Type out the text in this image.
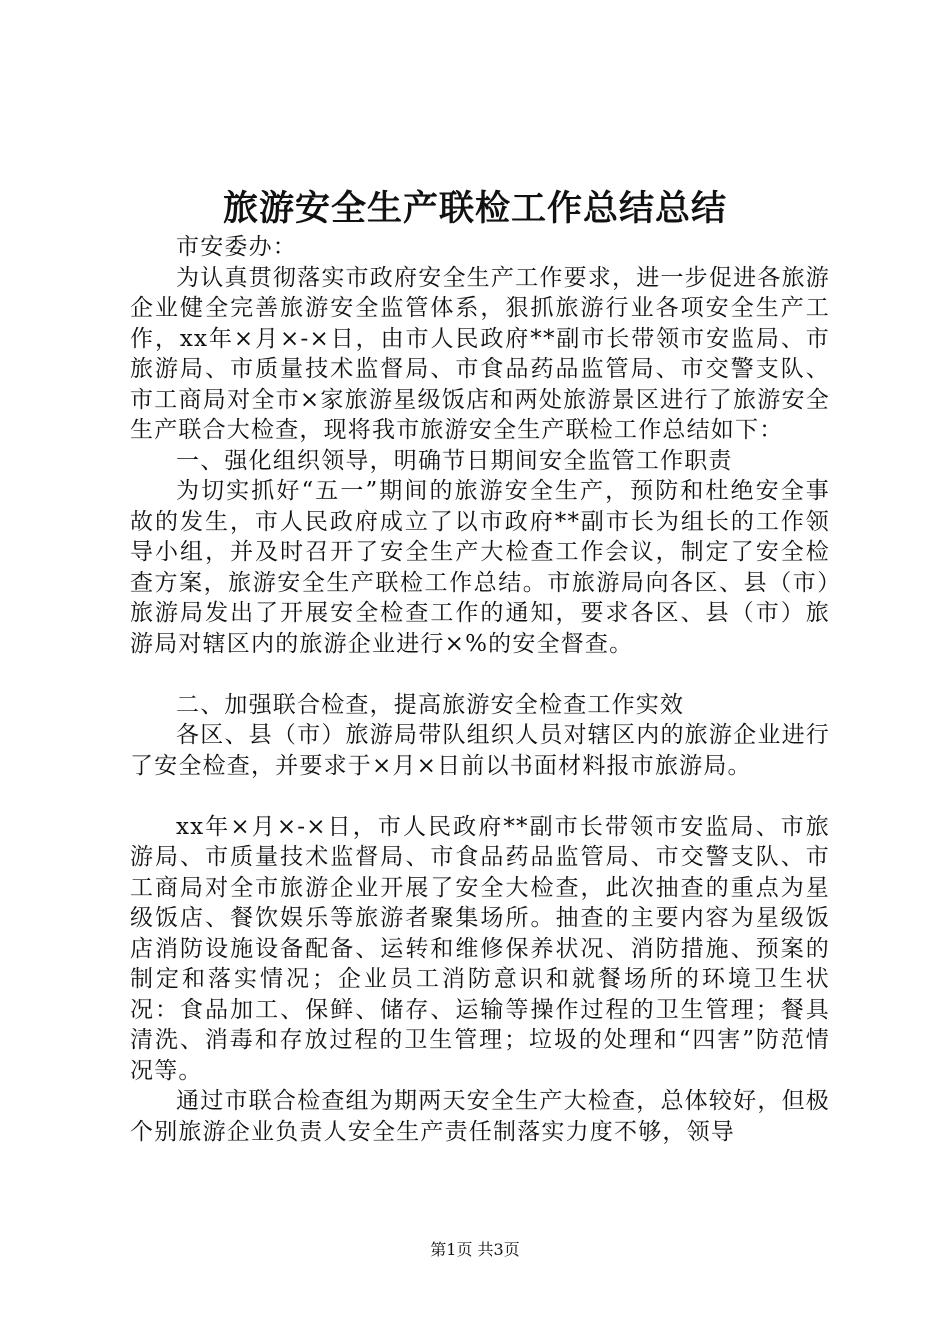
旅游安全生产联检工作总结总结

市安委办：

为认真贯彻落实市政府安全生产工作要求，进一步促进各旅游企业健全完善旅游安全监管体系，狠抓旅游行业各项安全生产工作，xx年×月×-×日，由市人民政府**副市长带领市安监局、市旅游局、市质量技术监督局、市食品药品监管局、市交警支队、市工商局对全市×家旅游星级饭店和两处旅游景区进行了旅游安全生产联合大检查，现将我市旅游安全生产联检工作总结如下：

一、强化组织领导，明确节日期间安全监管工作职责

为切实抓好“五一”期间的旅游安全生产，预防和杜绝安全事故的发生，市人民政府成立了以市政府**副市长为组长的工作领导小组，并及时召开了安全生产大检查工作会议，制定了安全检查方案，旅游安全生产联检工作总结。市旅游局向各区、县（市）旅游局发出了开展安全检查工作的通知，要求各区、县（市）旅游局对辖区内的旅游企业进行×%的安全督查。

二、加强联合检查，提高旅游安全检查工作实效

各区、县（市）旅游局带队组织人员对辖区内的旅游企业进行了安全检查，并要求于×月×日前以书面材料报市旅游局。

xx年×月×-×日，市人民政府**副市长带领市安监局、市旅游局、市质量技术监督局、市食品药品监管局、市交警支队、市工商局对全市旅游企业开展了安全大检查，此次抽查的重点为星级饭店、餐饮娱乐等旅游者聚集场所。抽查的主要内容为星级饭店消防设施设备配备、运转和维修保养状况、消防措施、预案的制定和落实情况；企业员工消防意识和就餐场所的环境卫生状况：食品加工、保鲜、储存、运输等操作过程的卫生管理；餐具清洗、消毒和存放过程的卫生管理；垃圾的处理和“四害”防范情况等。

通过市联合检查组为期两天安全生产大检查，总体较好，但极个别旅游企业负责人安全生产责任制落实力度不够，领导

第1页 共3页
